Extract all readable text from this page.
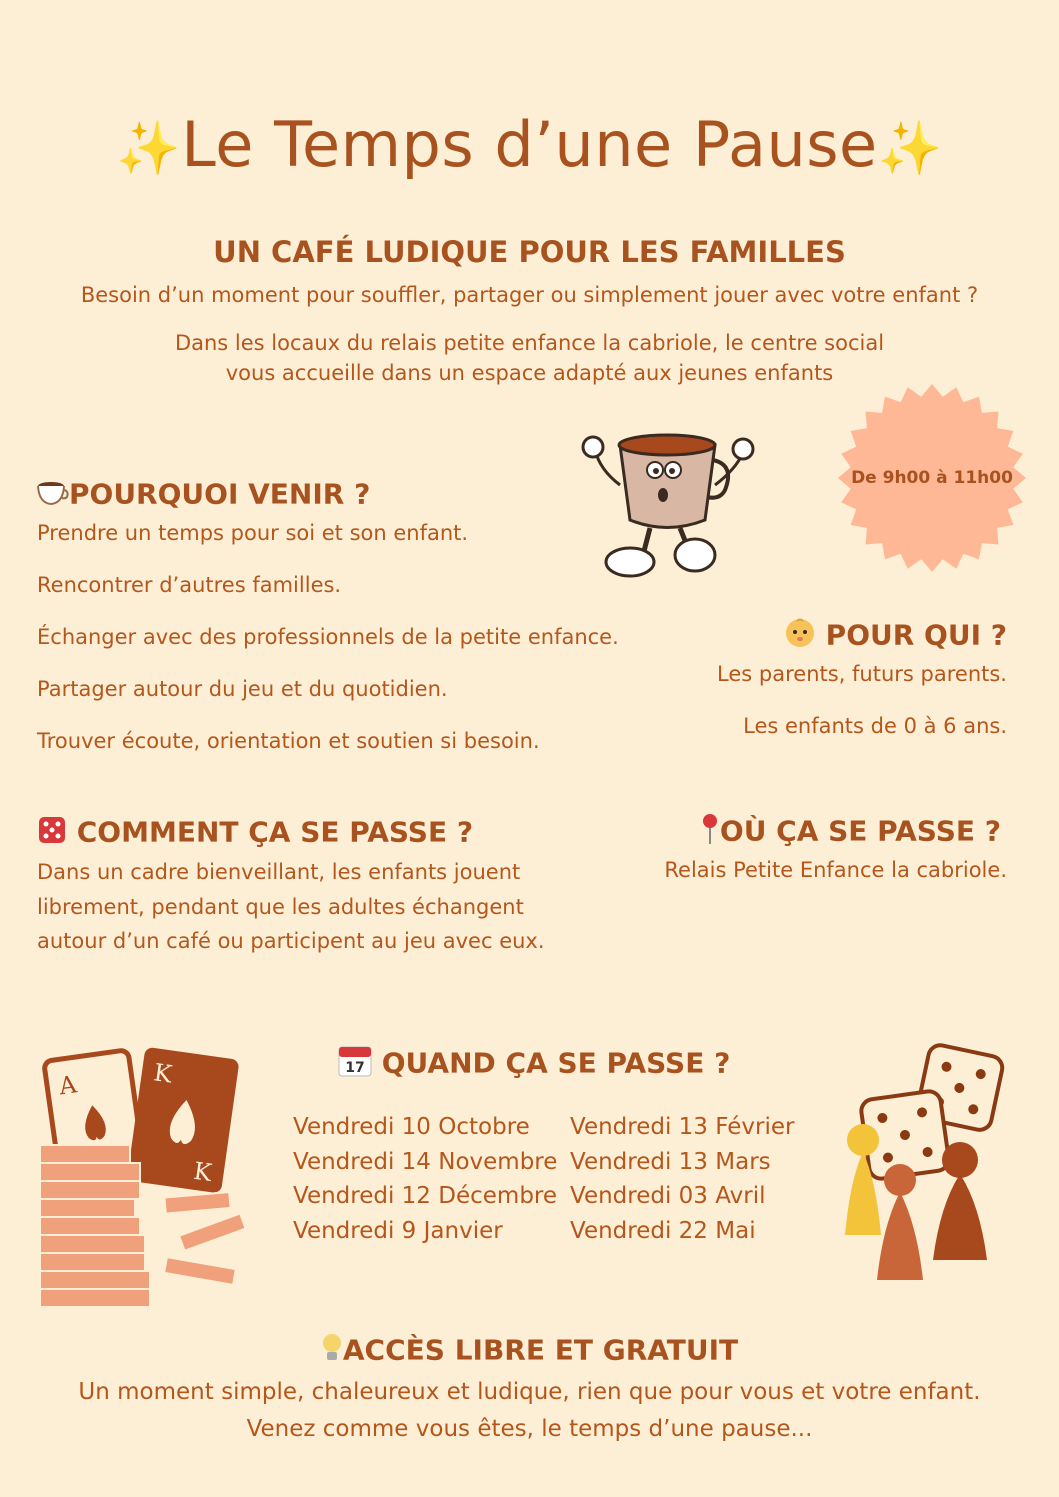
✨Le Temps d’une Pause✨
UN CAFÉ LUDIQUE POUR LES FAMILLES
Besoin d’un moment pour souffler, partager ou simplement jouer avec votre enfant ?
Dans les locaux du relais petite enfance la cabriole, le centre social
vous accueille dans un espace adapté aux jeunes enfants
De 9h00 à 11h00
POURQUOI VENIR ?
Prendre un temps pour soi et son enfant.
Rencontrer d’autres familles.
Échanger avec des professionnels de la petite enfance.
Partager autour du jeu et du quotidien.
Trouver écoute, orientation et soutien si besoin.
POUR QUI ?
Les parents, futurs parents.
Les enfants de 0 à 6 ans.
COMMENT ÇA SE PASSE ?
Dans un cadre bienveillant, les enfants jouent
librement, pendant que les adultes échangent
autour d’un café ou participent au jeu avec eux.
OÙ ÇA SE PASSE ?
Relais Petite Enfance la cabriole.
A	K
K
17 QUAND ÇA SE PASSE ?
Vendredi 10 Octobre
Vendredi 14 Novembre
Vendredi 12 Décembre
Vendredi 9 Janvier
Vendredi 13 Février
Vendredi 13 Mars
Vendredi 03 Avril
Vendredi 22 Mai
ACCÈS LIBRE ET GRATUIT
Un moment simple, chaleureux et ludique, rien que pour vous et votre enfant.
Venez comme vous êtes, le temps d’une pause...
